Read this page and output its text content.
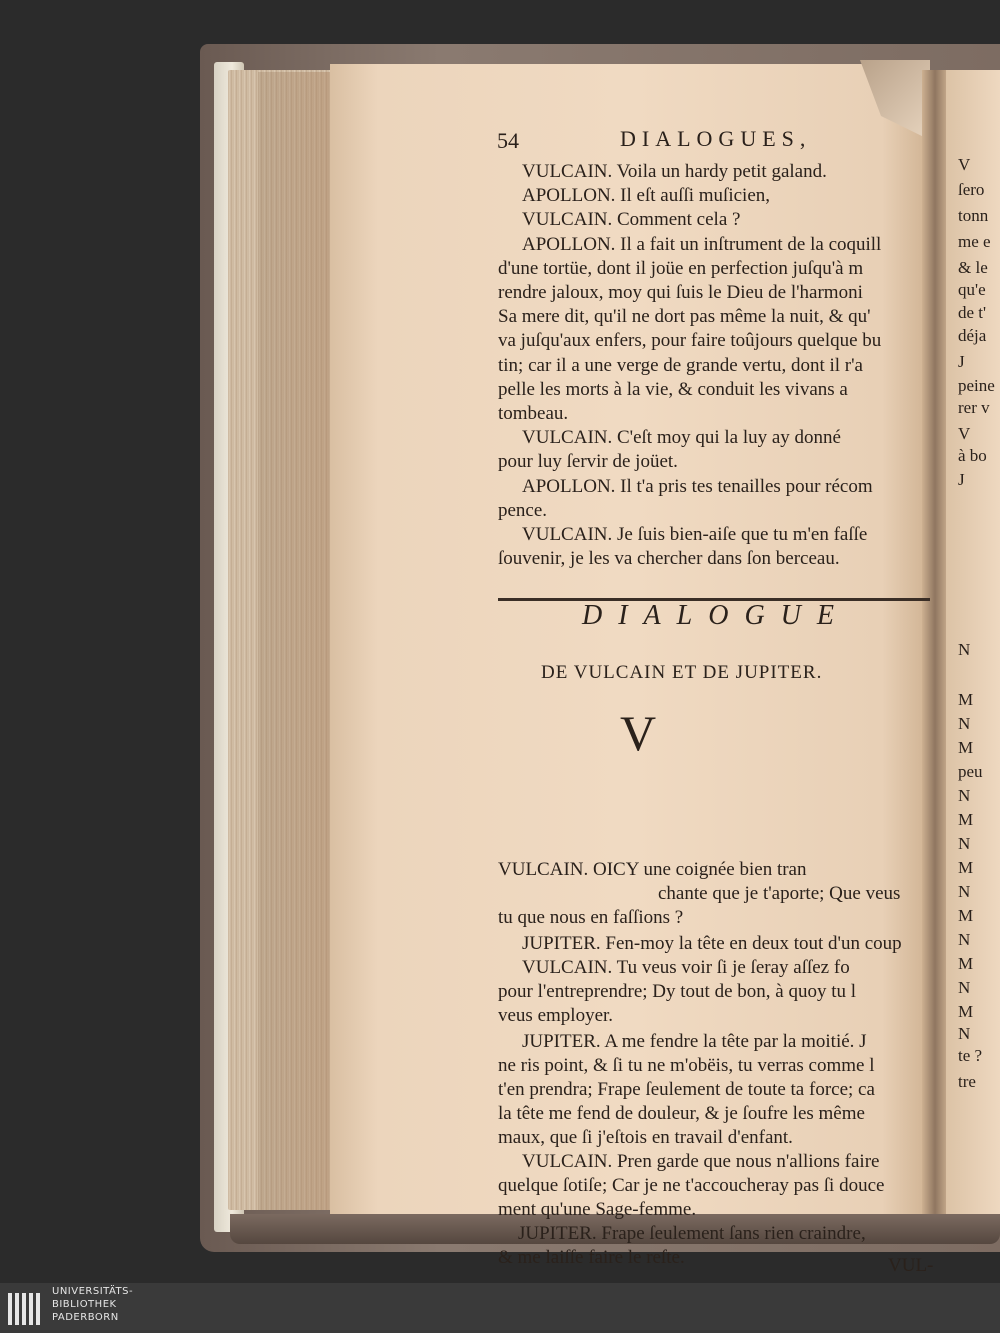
54	DIALOGUES,
VULCAIN. Voila un hardy petit galand.
APOLLON. Il eſt auſſi muſicien,
VULCAIN. Comment cela ?
APOLLON. Il a fait un inſtrument de la coquill
d'une tortüe, dont il joüe en perfection juſqu'à m
rendre jaloux, moy qui ſuis le Dieu de l'harmoni
Sa mere dit, qu'il ne dort pas même la nuit, & qu'
va juſqu'aux enfers, pour faire toûjours quelque bu
tin; car il a une verge de grande vertu, dont il r'a
pelle les morts à la vie, & conduit les vivans a
tombeau.
VULCAIN. C'eſt moy qui la luy ay donné
pour luy ſervir de joüet.
APOLLON. Il t'a pris tes tenailles pour récom
pence.
VULCAIN. Je ſuis bien-aiſe que tu m'en faſſe
ſouvenir, je les va chercher dans ſon berceau.
DIALOGUE
DE VULCAIN ET DE JUPITER.
V
VULCAIN. OICY une coignée bien tran
chante que je t'aporte; Que veus
tu que nous en faſſions ?
JUPITER. Fen-moy la tête en deux tout d'un coup
VULCAIN. Tu veus voir ſi je ſeray aſſez fo
pour l'entreprendre; Dy tout de bon, à quoy tu l
veus employer.
JUPITER. A me fendre la tête par la moitié. J
ne ris point, & ſi tu ne m'obëis, tu verras comme l
t'en prendra; Frape ſeulement de toute ta force; ca
la tête me fend de douleur, & je ſoufre les même
maux, que ſi j'eſtois en travail d'enfant.
VULCAIN. Pren garde que nous n'allions faire
quelque ſotiſe; Car je ne t'accoucheray pas ſi douce
ment qu'une Sage-femme.
JUPITER. Frape ſeulement ſans rien craindre,
& me laiſſe faire le reſte.	VUL-
V
ſero
tonn
me e
& le
qu'e
de t'
déja
J
peine
rer v
V
à bo
J
N
M
N
M
peu
N
M
N
M
N
M
N
M
N
M
N
te ?
tre
UNIVERSITÄTS-
BIBLIOTHEK
PADERBORN
